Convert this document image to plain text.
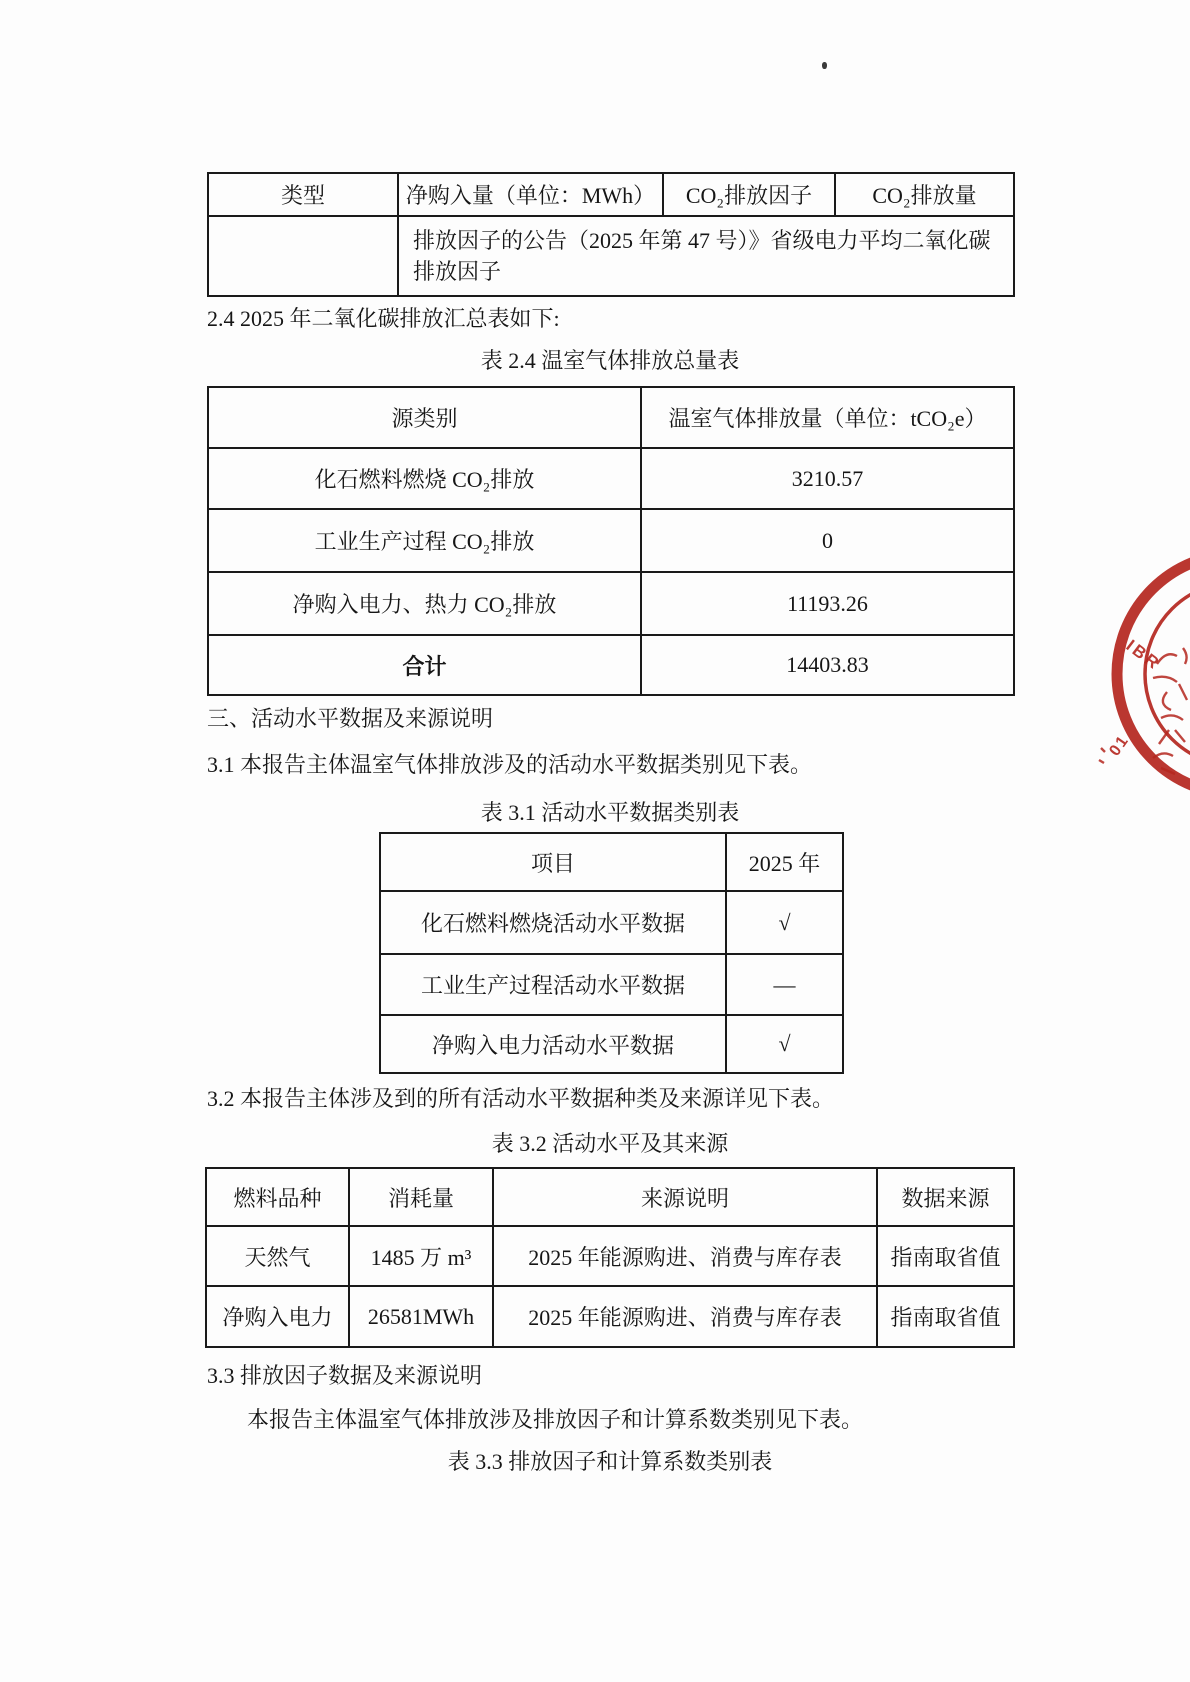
类型	净购入量（单位：MWh）	CO₂排放因子	CO₂排放量
	排放因子的公告（2025 年第 47 号）》省级电力平均二氧化碳排放因子		
2.4 2025 年二氧化碳排放汇总表如下:
表 2.4 温室气体排放总量表
源类别	温室气体排放量（单位：tCO₂e）
化石燃料燃烧 CO₂排放	3210.57
工业生产过程 CO₂排放	0
净购入电力、热力 CO₂排放	11193.26
合计	14403.83
三、活动水平数据及来源说明
3.1 本报告主体温室气体排放涉及的活动水平数据类别见下表。
表 3.1 活动水平数据类别表
项目	2025 年
化石燃料燃烧活动水平数据	√
工业生产过程活动水平数据	—
净购入电力活动水平数据	√
3.2 本报告主体涉及到的所有活动水平数据种类及来源详见下表。
表 3.2 活动水平及其来源
燃料品种	消耗量	来源说明	数据来源
天然气	1485 万 m³	2025 年能源购进、消费与库存表	指南取省值
净购入电力	26581MWh	2025 年能源购进、消费与库存表	指南取省值
3.3 排放因子数据及来源说明
本报告主体温室气体排放涉及排放因子和计算系数类别见下表。
表 3.3 排放因子和计算系数类别表
IBR
01
